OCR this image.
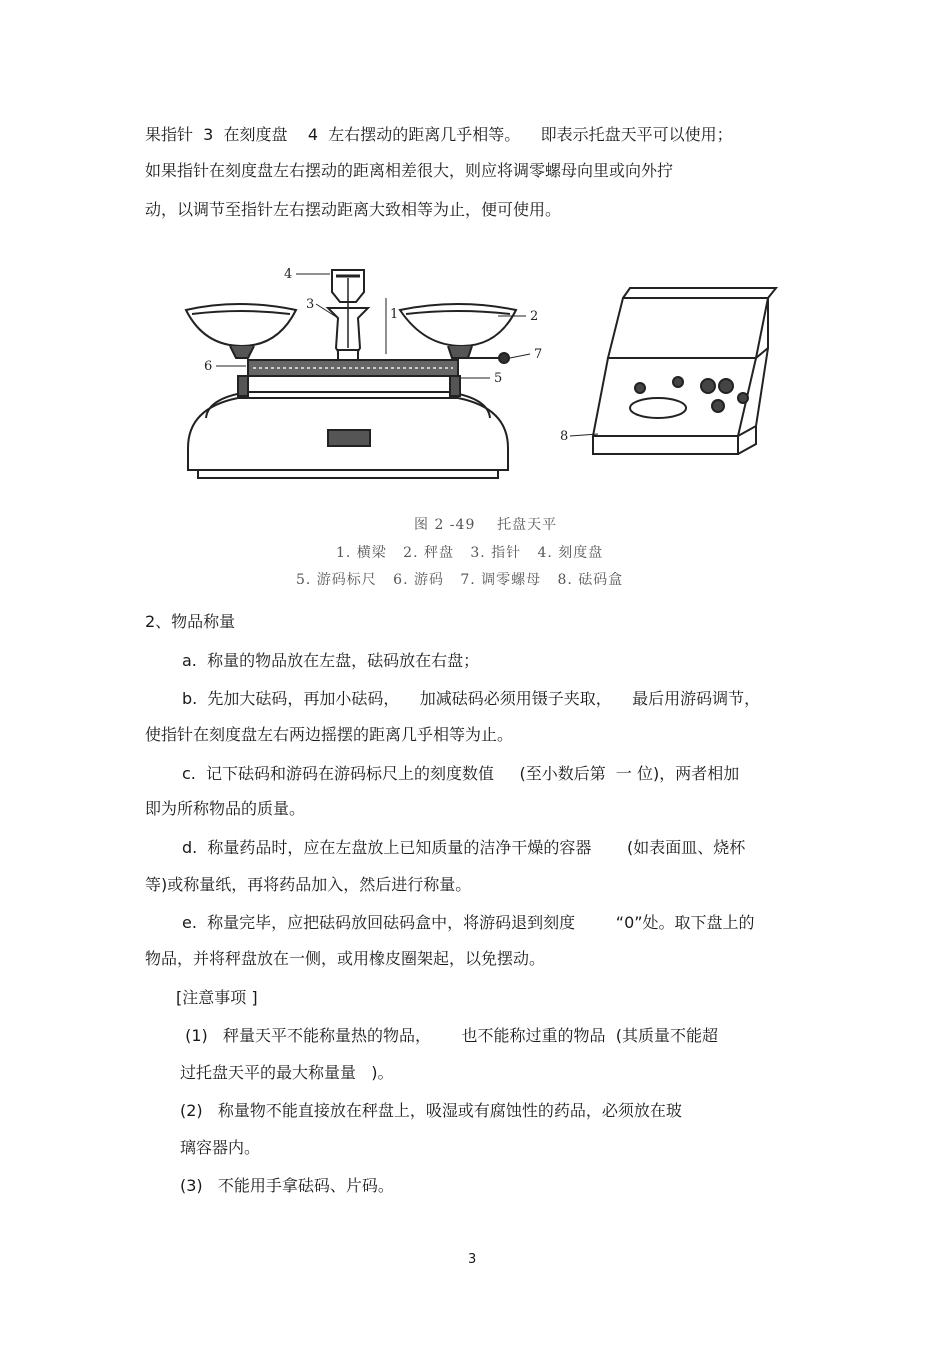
果指针  3  在刻度盘    4  左右摆动的距离几乎相等。    即表示托盘天平可以使用；
如果指针在刻度盘左右摆动的距离相差很大，则应将调零螺母向里或向外拧
动，以调节至指针左右摆动距离大致相等为止，便可使用。
4
3
1	2
7
6
5
8
图 2 -49    托盘天平
1. 横梁   2. 秤盘   3. 指针   4. 刻度盘
5. 游码标尺   6. 游码   7. 调零螺母   8. 砝码盒
2、物品称量
a.  称量的物品放在左盘，砝码放在右盘；
b.  先加大砝码，再加小砝码，    加减砝码必须用镊子夹取，    最后用游码调节，
使指针在刻度盘左右两边摇摆的距离几乎相等为止。
c.  记下砝码和游码在游码标尺上的刻度数值     (至小数后第  一 位)，两者相加
即为所称物品的质量。
d.  称量药品时，应在左盘放上已知质量的洁净干燥的容器       (如表面皿、烧杯
等)或称量纸，再将药品加入，然后进行称量。
e.  称量完毕，应把砝码放回砝码盒中，将游码退到刻度        “0”处。取下盘上的
物品，并将秤盘放在一侧，或用橡皮圈架起，以免摆动。
[注意事项 ]
(1)   秤量天平不能称量热的物品，      也不能称过重的物品  (其质量不能超
过托盘天平的最大称量量   )。
(2)   称量物不能直接放在秤盘上，吸湿或有腐蚀性的药品，必须放在玻
璃容器内。
(3)   不能用手拿砝码、片码。
3
